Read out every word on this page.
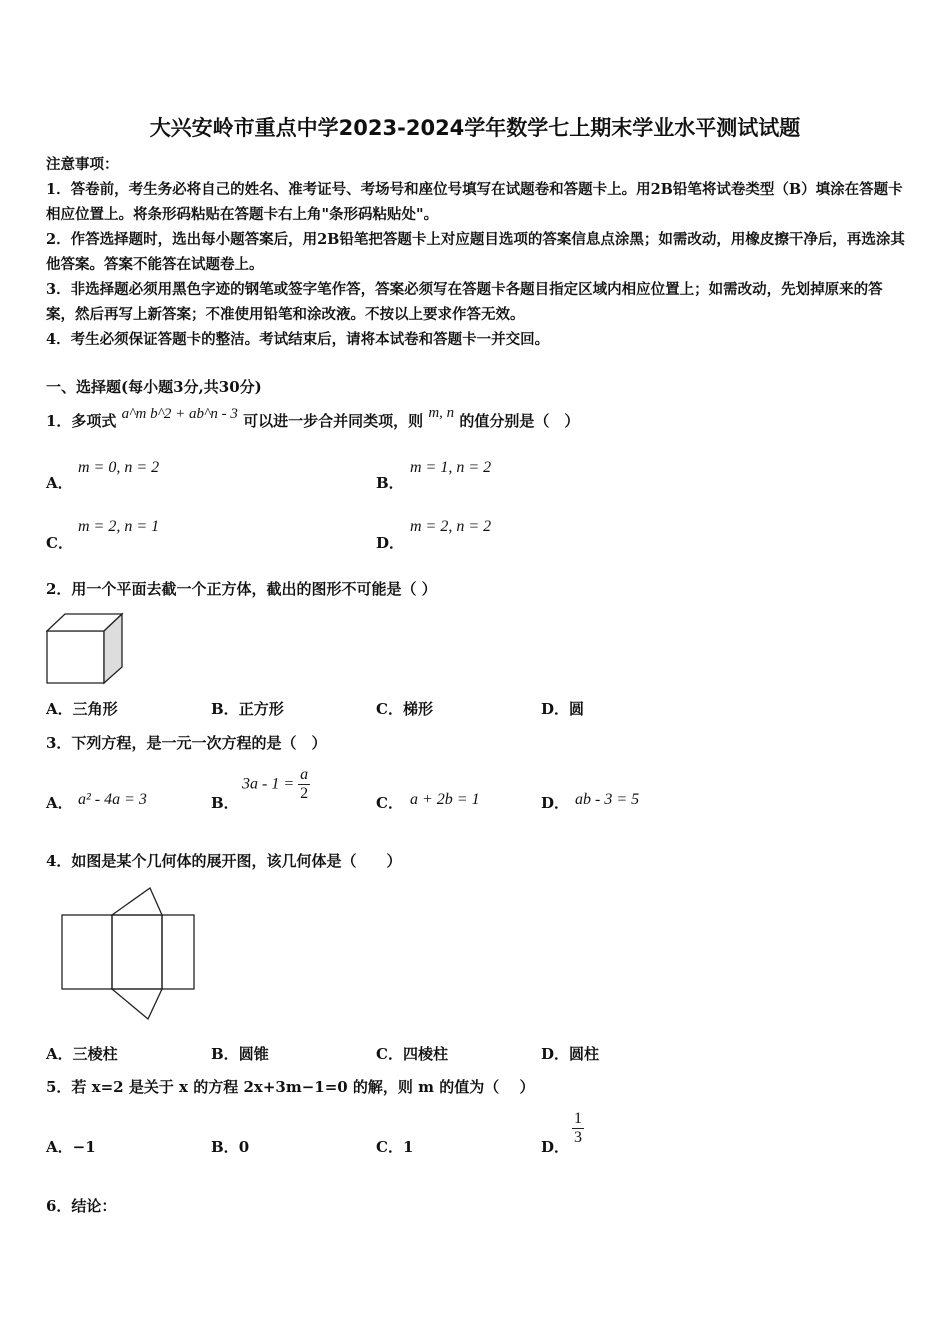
大兴安岭市重点中学2023-2024学年数学七上期末学业水平测试试题

注意事项：

1．答卷前，考生务必将自己的姓名、准考证号、考场号和座位号填写在试题卷和答题卡上。用2B铅笔将试卷类型（B）填涂在答题卡相应位置上。将条形码粘贴在答题卡右上角"条形码粘贴处"。

2．作答选择题时，选出每小题答案后，用2B铅笔把答题卡上对应题目选项的答案信息点涂黑；如需改动，用橡皮擦干净后，再选涂其他答案。答案不能答在试题卷上。

3．非选择题必须用黑色字迹的钢笔或签字笔作答，答案必须写在答题卡各题目指定区域内相应位置上；如需改动，先划掉原来的答案，然后再写上新答案；不准使用铅笔和涂改液。不按以上要求作答无效。

4．考生必须保证答题卡的整洁。考试结束后，请将本试卷和答题卡一并交回。

一、选择题(每小题3分,共30分)
1．多项式 a^m b^2 + ab^n - 3 可以进一步合并同类项，则 m, n 的值分别是（　）
A．
m = 0, n = 2
B．
m = 1, n = 2
C．
m = 2, n = 1
D．
m = 2, n = 2
2．用一个平面去截一个正方体，截出的图形不可能是（ ）
A．三角形	B．正方形	C．梯形	D．圆
3．下列方程，是一元一次方程的是（　）
A． a² - 4a = 3	B．
$3a - 1 = \frac{a}{2}$	C． a + 2b = 1	D． ab - 3 = 5
4．如图是某个几何体的展开图，该几何体是（　　）
A．三棱柱	B．圆锥	C．四棱柱	D．圆柱
5．若 x=2 是关于 x 的方程 2x+3m−1=0 的解，则 m 的值为（　 ）
A．−1	B．0	C．1	D． $\frac{1}{3}$
6．结论：
